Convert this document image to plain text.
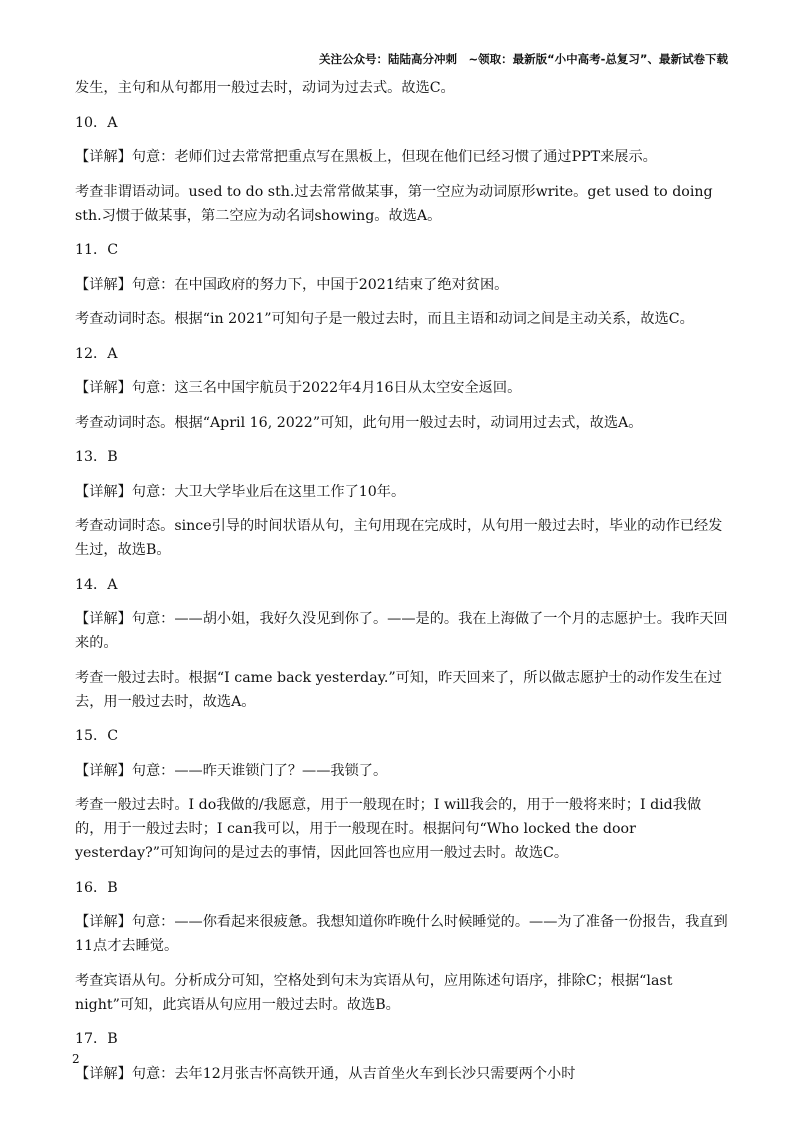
关注公众号：陆陆高分冲刺　~领取：最新版“小中高考-总复习”、最新试卷下载

发生，主句和从句都用一般过去时，动词为过去式。故选C。

10．A

【详解】句意：老师们过去常常把重点写在黑板上，但现在他们已经习惯了通过PPT来展示。

考查非谓语动词。used to do sth.过去常常做某事，第一空应为动词原形write。get used to doing sth.习惯于做某事，第二空应为动名词showing。故选A。

11．C

【详解】句意：在中国政府的努力下，中国于2021结束了绝对贫困。

考查动词时态。根据“in 2021”可知句子是一般过去时，而且主语和动词之间是主动关系，故选C。

12．A

【详解】句意：这三名中国宇航员于2022年4月16日从太空安全返回。

考查动词时态。根据“April 16, 2022”可知，此句用一般过去时，动词用过去式，故选A。

13．B

【详解】句意：大卫大学毕业后在这里工作了10年。

考查动词时态。since引导的时间状语从句，主句用现在完成时，从句用一般过去时，毕业的动作已经发生过，故选B。

14．A

【详解】句意：——胡小姐，我好久没见到你了。——是的。我在上海做了一个月的志愿护士。我昨天回来的。

考查一般过去时。根据“I came back yesterday.”可知，昨天回来了，所以做志愿护士的动作发生在过去，用一般过去时，故选A。

15．C

【详解】句意：——昨天谁锁门了？——我锁了。

考查一般过去时。I do我做的/我愿意，用于一般现在时；I will我会的，用于一般将来时；I did我做的，用于一般过去时；I can我可以，用于一般现在时。根据问句“Who locked the door yesterday?”可知询问的是过去的事情，因此回答也应用一般过去时。故选C。

16．B

【详解】句意：——你看起来很疲惫。我想知道你昨晚什么时候睡觉的。——为了准备一份报告，我直到11点才去睡觉。

考查宾语从句。分析成分可知，空格处到句末为宾语从句，应用陈述句语序，排除C；根据“last night”可知，此宾语从句应用一般过去时。故选B。

17．B

【详解】句意：去年12月张吉怀高铁开通，从吉首坐火车到长沙只需要两个小时

2
